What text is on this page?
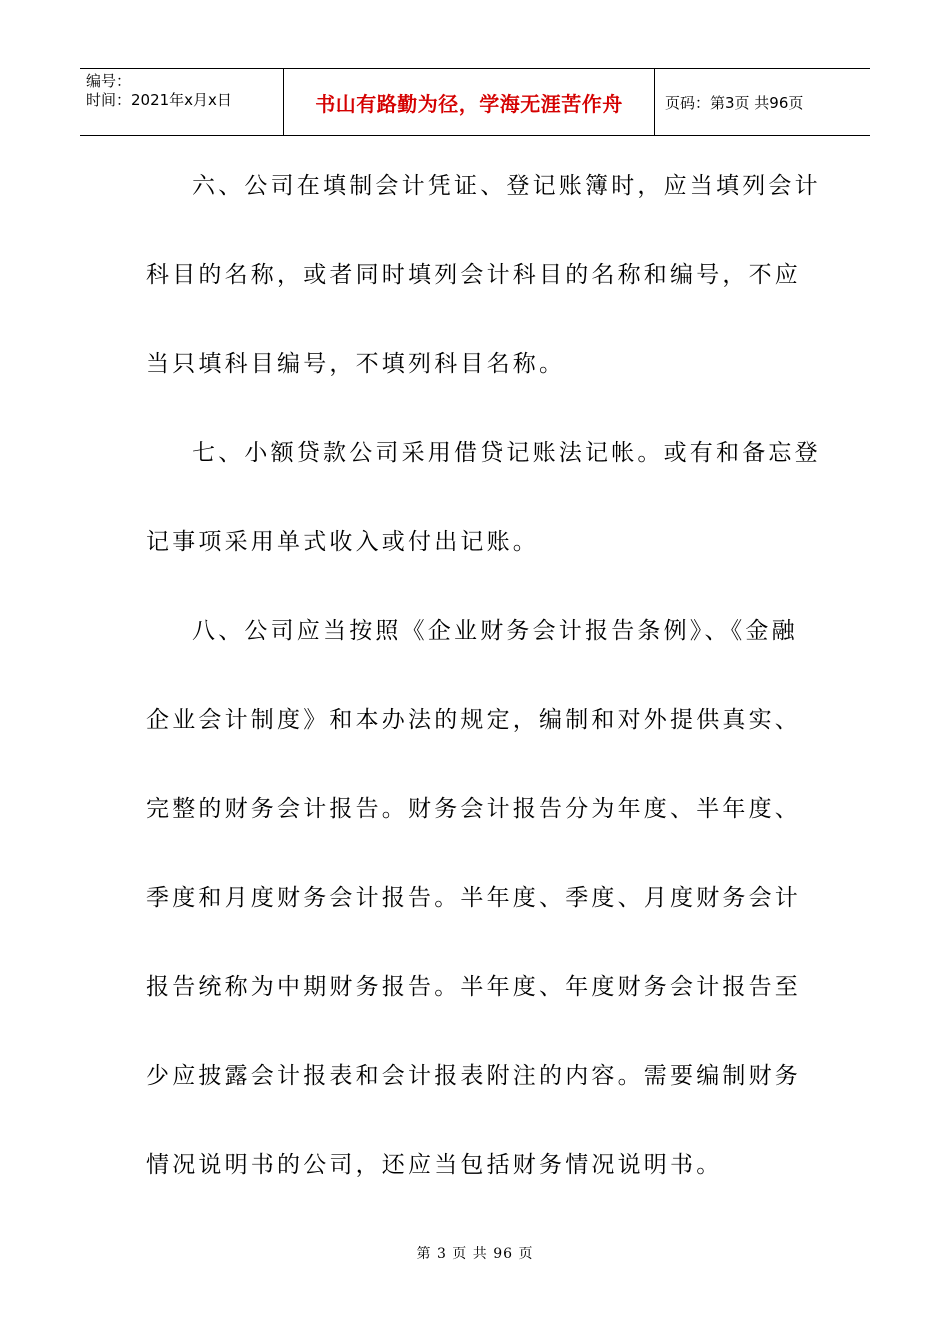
编号：
时间：2021年x月x日	书山有路勤为径，学海无涯苦作舟	页码：第3页 共96页
六、公司在填制会计凭证、登记账簿时，应当填列会计
科目的名称，或者同时填列会计科目的名称和编号，不应
当只填科目编号，不填列科目名称。
七、小额贷款公司采用借贷记账法记帐。或有和备忘登
记事项采用单式收入或付出记账。
八、公司应当按照《企业财务会计报告条例》、《金融
企业会计制度》和本办法的规定，编制和对外提供真实、
完整的财务会计报告。财务会计报告分为年度、半年度、
季度和月度财务会计报告。半年度、季度、月度财务会计
报告统称为中期财务报告。半年度、年度财务会计报告至
少应披露会计报表和会计报表附注的内容。需要编制财务
情况说明书的公司，还应当包括财务情况说明书。
第 3 页 共 96 页
